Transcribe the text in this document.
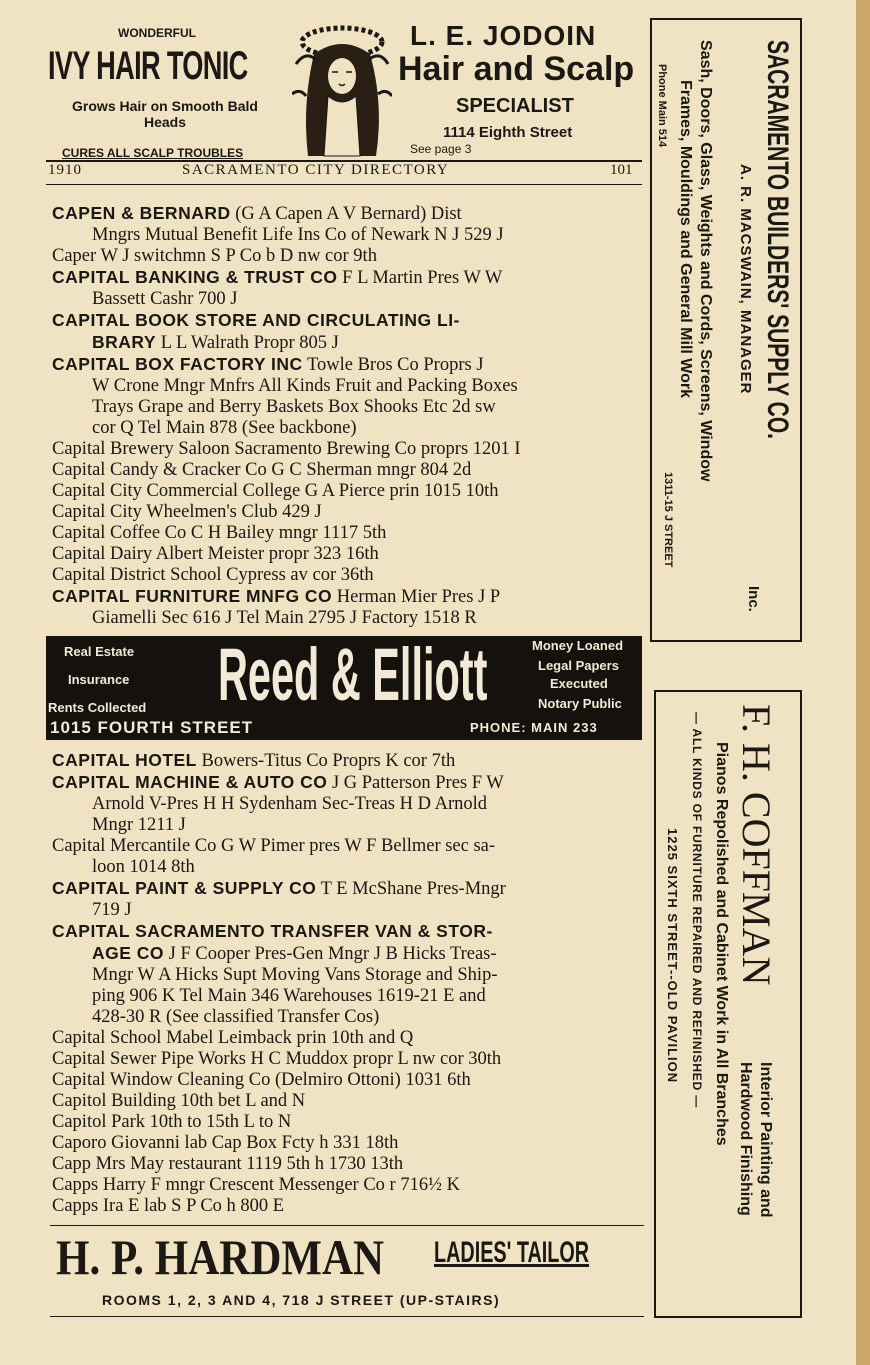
WONDERFUL
IVY HAIR TONIC
Grows Hair on Smooth Bald
Heads
CURES ALL SCALP TROUBLES
L. E. JODOIN
Hair and Scalp
SPECIALIST
1114 Eighth Street
See page 3
1910	SACRAMENTO CITY DIRECTORY	101
CAPEN & BERNARD (G A Capen A V Bernard) Dist
Mngrs Mutual Benefit Life Ins Co of Newark N J 529 J
Caper W J switchmn S P Co b D nw cor 9th
CAPITAL BANKING & TRUST CO F L Martin Pres W W
Bassett Cashr 700 J
CAPITAL BOOK STORE AND CIRCULATING LI-
BRARY L L Walrath Propr 805 J
CAPITAL BOX FACTORY INC Towle Bros Co Proprs J
W Crone Mngr Mnfrs All Kinds Fruit and Packing Boxes
Trays Grape and Berry Baskets Box Shooks Etc 2d sw
cor Q Tel Main 878 (See backbone)
Capital Brewery Saloon Sacramento Brewing Co proprs 1201 I
Capital Candy & Cracker Co G C Sherman mngr 804 2d
Capital City Commercial College G A Pierce prin 1015 10th
Capital City Wheelmen's Club 429 J
Capital Coffee Co C H Bailey mngr 1117 5th
Capital Dairy Albert Meister propr 323 16th
Capital District School Cypress av cor 36th
CAPITAL FURNITURE MNFG CO Herman Mier Pres J P
Giamelli Sec 616 J Tel Main 2795 J Factory 1518 R
Real Estate
Insurance
Rents Collected Reed & Elliott	Money Loaned
Legal Papers
Executed
Notary Public
1015 FOURTH STREET	PHONE: MAIN 233
CAPITAL HOTEL Bowers-Titus Co Proprs K cor 7th
CAPITAL MACHINE & AUTO CO J G Patterson Pres F W
Arnold V-Pres H H Sydenham Sec-Treas H D Arnold
Mngr 1211 J
Capital Mercantile Co G W Pimer pres W F Bellmer sec sa-
loon 1014 8th
CAPITAL PAINT & SUPPLY CO T E McShane Pres-Mngr
719 J
CAPITAL SACRAMENTO TRANSFER VAN & STOR-
AGE CO J F Cooper Pres-Gen Mngr J B Hicks Treas-
Mngr W A Hicks Supt Moving Vans Storage and Ship-
ping 906 K Tel Main 346 Warehouses 1619-21 E and
428-30 R (See classified Transfer Cos)
Capital School Mabel Leimback prin 10th and Q
Capital Sewer Pipe Works H C Muddox propr L nw cor 30th
Capital Window Cleaning Co (Delmiro Ottoni) 1031 6th
Capitol Building 10th bet L and N
Capitol Park 10th to 15th L to N
Caporo Giovanni lab Cap Box Fcty h 331 18th
Capp Mrs May restaurant 1119 5th h 1730 13th
Capps Harry F mngr Crescent Messenger Co r 716½ K
Capps Ira E lab S P Co h 800 E
H. P. HARDMAN LADIES' TAILOR
ROOMS 1, 2, 3 AND 4, 718 J STREET (UP-STAIRS)
SACRAMENTO BUILDERS' SUPPLY CO.
Inc.
A. R. MACSWAIN, MANAGER
Sash, Doors, Glass, Weights and Cords, Screens, Window
Frames, Mouldings and General Mill Work
Phone Main 514
1311-15 J STREET
F. H. COFFMAN
Interior Painting and
Hardwood Finishing
Pianos Repolished and Cabinet Work in All Branches
— ALL KINDS OF FURNITURE REPAIRED AND REFINISHED —
1225 SIXTH STREET--OLD PAVILION
